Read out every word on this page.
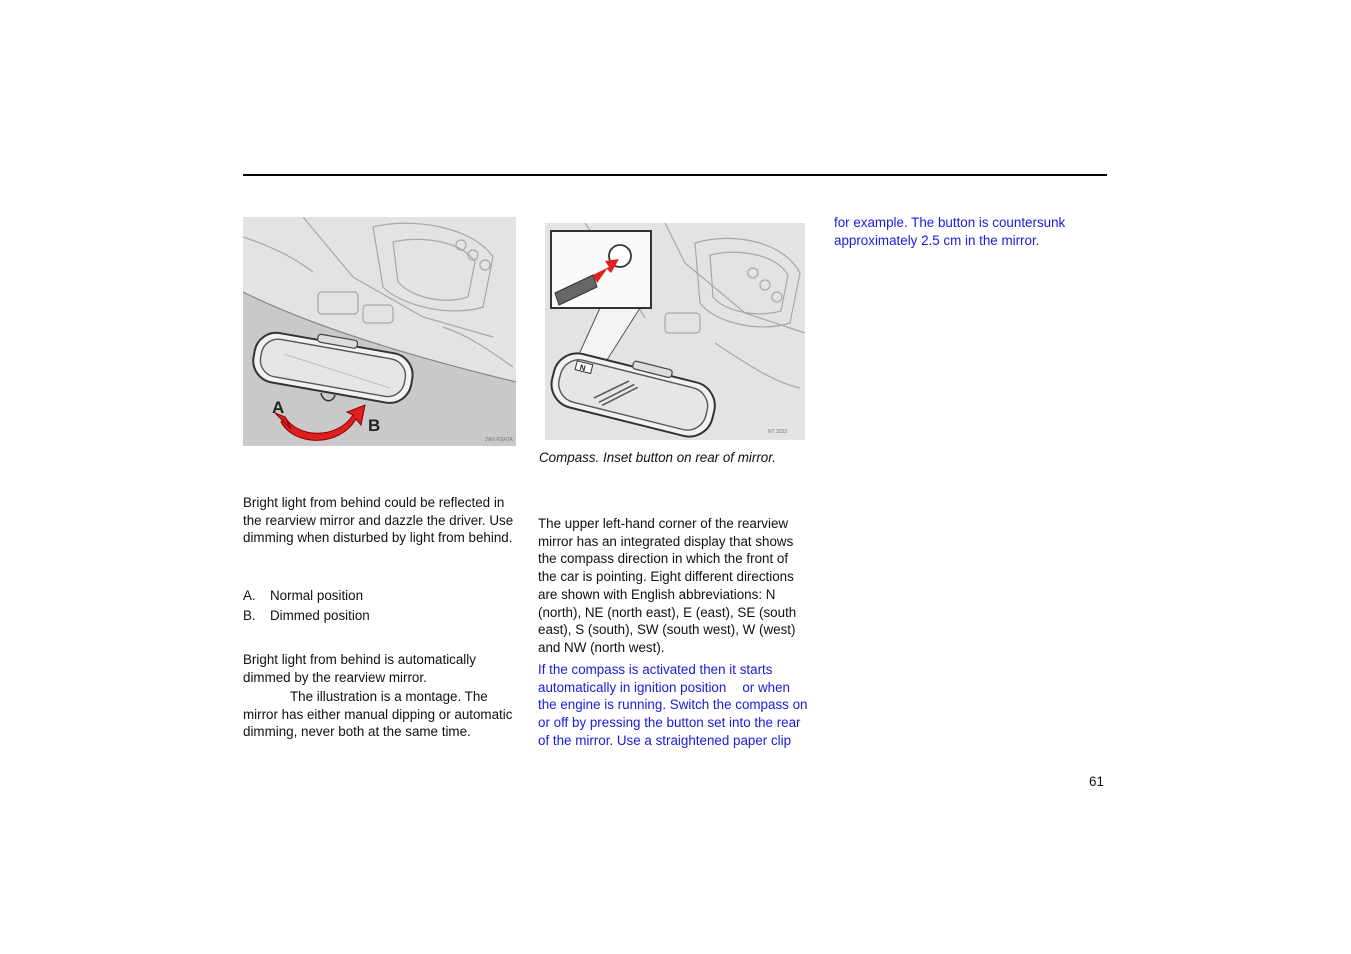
A
B
JW9 RSRTA
N
NT 3253
Compass. Inset button on rear of mirror.
Bright light from behind could be reflected in the rearview mirror and dazzle the driver. Use dimming when disturbed by light from behind.
A.	Normal position
B.	Dimmed position
Bright light from behind is automatically dimmed by the rearview mirror.
The illustration is a montage. The mirror has either manual dipping or automatic dimming, never both at the same time.
The upper left-hand corner of the rearview mirror has an integrated display that shows the compass direction in which the front of the car is pointing. Eight different directions are shown with English abbreviations: N (north), NE (north east), E (east), SE (south east), S (south), SW (south west), W (west) and NW (north west).
If the compass is activated then it starts automatically in ignition position or when the engine is running. Switch the compass on or off by pressing the button set into the rear of the mirror. Use a straightened paper clip
for example. The button is countersunk approximately 2.5 cm in the mirror.
61
